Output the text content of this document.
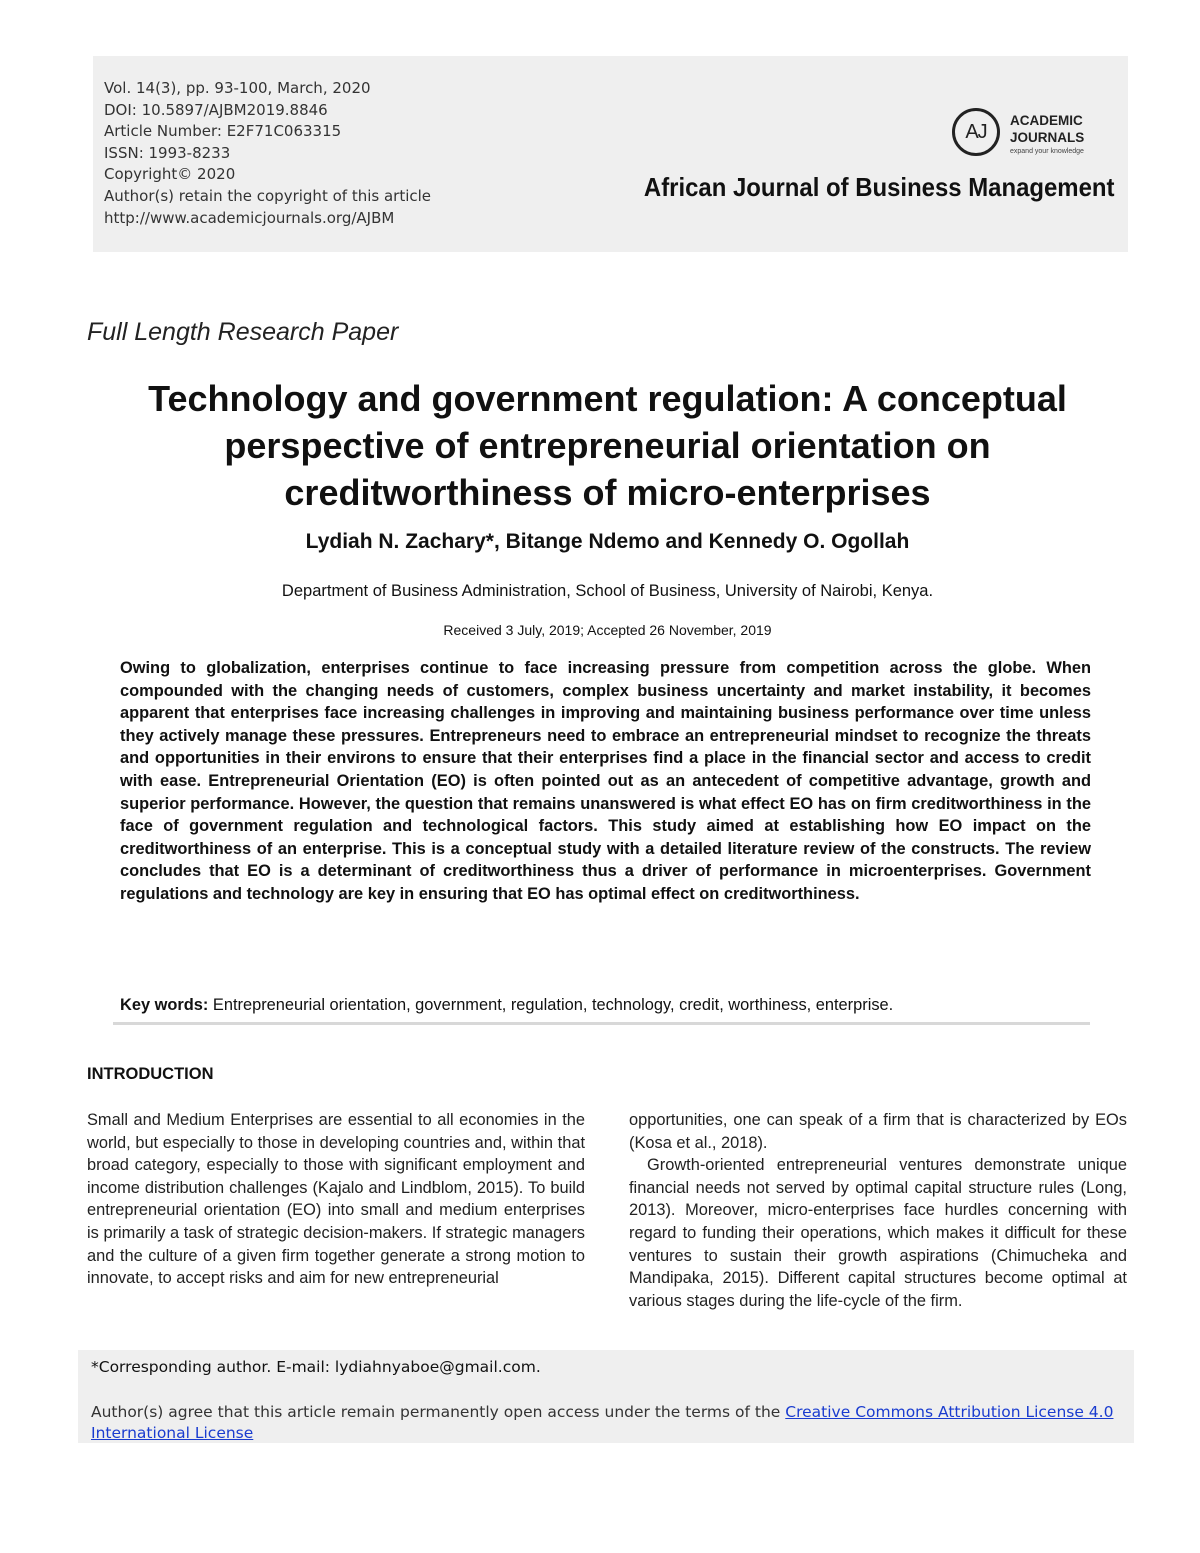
Vol. 14(3), pp. 93-100, March, 2020
DOI: 10.5897/AJBM2019.8846
Article Number: E2F71C063315
ISSN: 1993-8233
Copyright© 2020
Author(s) retain the copyright of this article
http://www.academicjournals.org/AJBM
AJ
ACADEMIC
JOURNALS
expand your knowledge
African Journal of Business Management
Full Length Research Paper
Technology and government regulation: A conceptual
perspective of entrepreneurial orientation on
creditworthiness of micro-enterprises
Lydiah N. Zachary*, Bitange Ndemo and Kennedy O. Ogollah
Department of Business Administration, School of Business, University of Nairobi, Kenya.
Received 3 July, 2019; Accepted 26 November, 2019
Owing to globalization, enterprises continue to face increasing pressure from competition across the globe. When compounded with the changing needs of customers, complex business uncertainty and market instability, it becomes apparent that enterprises face increasing challenges in improving and maintaining business performance over time unless they actively manage these pressures. Entrepreneurs need to embrace an entrepreneurial mindset to recognize the threats and opportunities in their environs to ensure that their enterprises find a place in the financial sector and access to credit with ease. Entrepreneurial Orientation (EO) is often pointed out as an antecedent of competitive advantage, growth and superior performance. However, the question that remains unanswered is what effect EO has on firm creditworthiness in the face of government regulation and technological factors. This study aimed at establishing how EO impact on the creditworthiness of an enterprise. This is a conceptual study with a detailed literature review of the constructs. The review concludes that EO is a determinant of creditworthiness thus a driver of performance in microenterprises. Government regulations and technology are key in ensuring that EO has optimal effect on creditworthiness.
Key words: Entrepreneurial orientation, government, regulation, technology, credit, worthiness, enterprise.
INTRODUCTION

Small and Medium Enterprises are essential to all economies in the world, but especially to those in developing countries and, within that broad category, especially to those with significant employment and income distribution challenges (Kajalo and Lindblom, 2015). To build entrepreneurial orientation (EO) into small and medium enterprises is primarily a task of strategic decision-makers. If strategic managers and the culture of a given firm together generate a strong motion to innovate, to accept risks and aim for new entrepreneurial

opportunities, one can speak of a firm that is characterized by EOs (Kosa et al., 2018).

Growth-oriented entrepreneurial ventures demonstrate unique financial needs not served by optimal capital structure rules (Long, 2013). Moreover, micro-enterprises face hurdles concerning with regard to funding their operations, which makes it difficult for these ventures to sustain their growth aspirations (Chimucheka and Mandipaka, 2015). Different capital structures become optimal at various stages during the life-cycle of the firm.

*Corresponding author. E-mail: lydiahnyaboe@gmail.com.
Author(s) agree that this article remain permanently open access under the terms of the Creative Commons Attribution License 4.0 International License
